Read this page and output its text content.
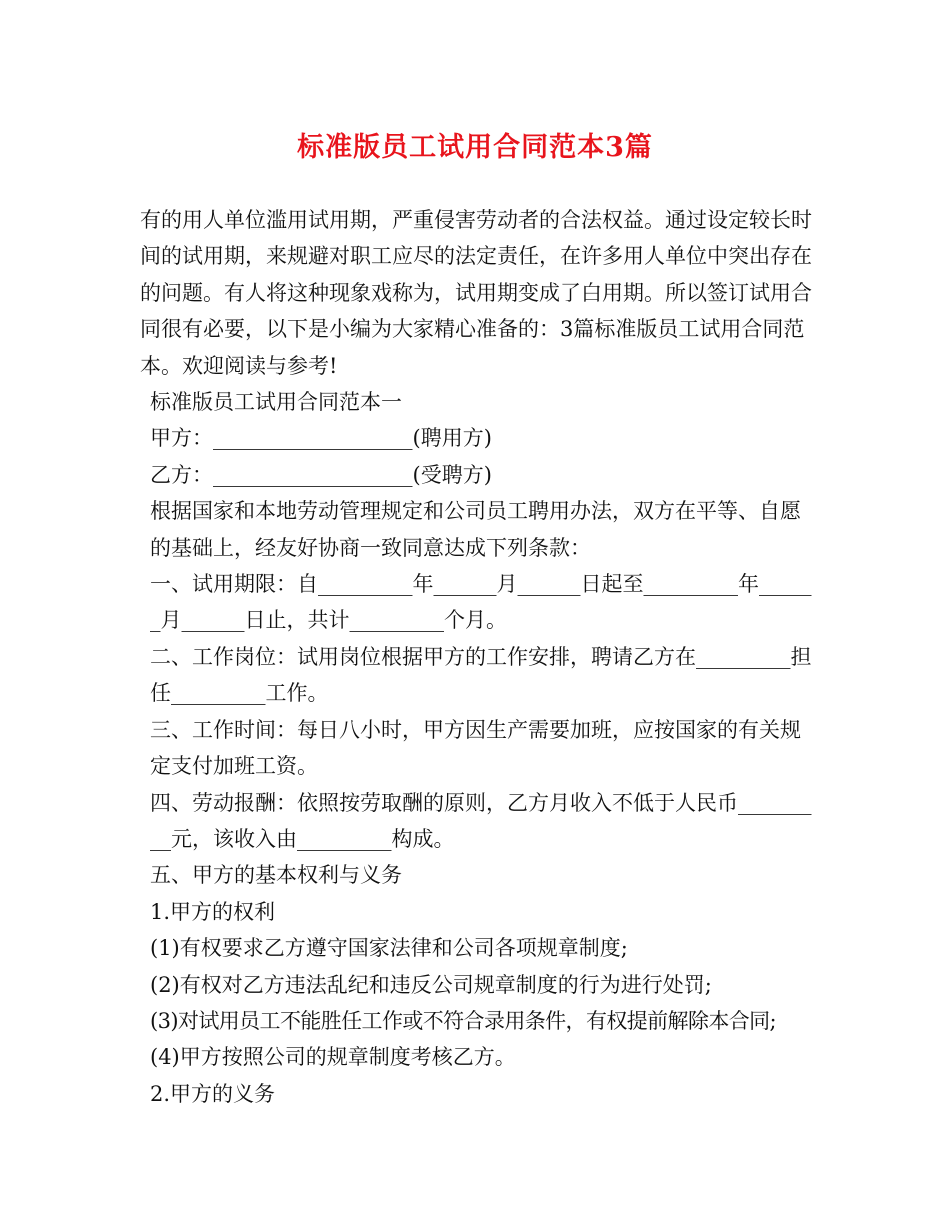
标准版员工试用合同范本3篇

有的用人单位滥用试用期，严重侵害劳动者的合法权益。通过设定较长时间的试用期，来规避对职工应尽的法定责任，在许多用人单位中突出存在的问题。有人将这种现象戏称为，试用期变成了白用期。所以签订试用合同很有必要，以下是小编为大家精心准备的：3篇标准版员工试用合同范本。欢迎阅读与参考!

标准版员工试用合同范本一

甲方：___________________(聘用方)

乙方：___________________(受聘方)

根据国家和本地劳动管理规定和公司员工聘用办法，双方在平等、自愿的基础上，经友好协商一致同意达成下列条款：

一、试用期限：自_________年______月______日起至_________年______月______日止，共计_________个月。

二、工作岗位：试用岗位根据甲方的工作安排，聘请乙方在_________担任_________工作。

三、工作时间：每日八小时，甲方因生产需要加班，应按国家的有关规定支付加班工资。

四、劳动报酬：依照按劳取酬的原则，乙方月收入不低于人民币_________元，该收入由_________构成。

五、甲方的基本权利与义务

1.甲方的权利

(1)有权要求乙方遵守国家法律和公司各项规章制度;

(2)有权对乙方违法乱纪和违反公司规章制度的行为进行处罚;

(3)对试用员工不能胜任工作或不符合录用条件，有权提前解除本合同;

(4)甲方按照公司的规章制度考核乙方。

2.甲方的义务
